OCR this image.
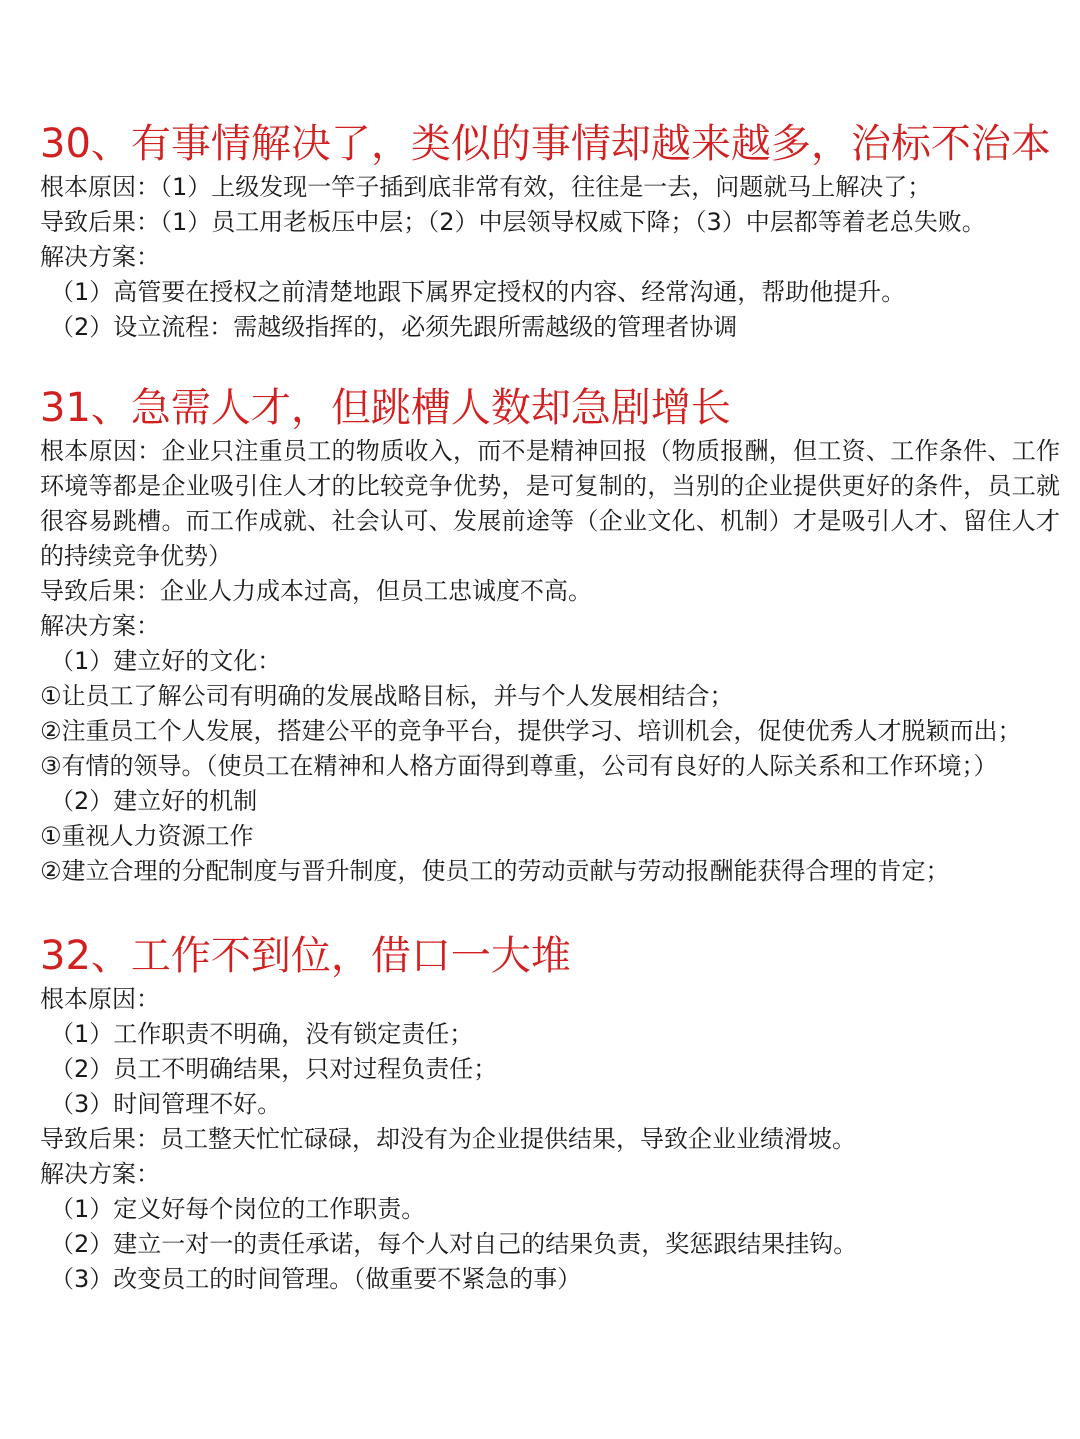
30、有事情解决了，类似的事情却越来越多，治标不治本

根本原因：（1）上级发现一竿子插到底非常有效，往往是一去，问题就马上解决了；

导致后果：（1）员工用老板压中层；（2）中层领导权威下降；（3）中层都等着老总失败。

解决方案：

（1）高管要在授权之前清楚地跟下属界定授权的内容、经常沟通，帮助他提升。

（2）设立流程：需越级指挥的，必须先跟所需越级的管理者协调

31、急需人才，但跳槽人数却急剧增长

根本原因：企业只注重员工的物质收入，而不是精神回报（物质报酬，但工资、工作条件、工作环境等都是企业吸引住人才的比较竞争优势，是可复制的，当别的企业提供更好的条件，员工就很容易跳槽。而工作成就、社会认可、发展前途等（企业文化、机制）才是吸引人才、留住人才的持续竞争优势）

导致后果：企业人力成本过高，但员工忠诚度不高。

解决方案：

（1）建立好的文化：

①让员工了解公司有明确的发展战略目标，并与个人发展相结合；

②注重员工个人发展，搭建公平的竞争平台，提供学习、培训机会，促使优秀人才脱颖而出；

③有情的领导。（使员工在精神和人格方面得到尊重，公司有良好的人际关系和工作环境；）

（2）建立好的机制

①重视人力资源工作

②建立合理的分配制度与晋升制度，使员工的劳动贡献与劳动报酬能获得合理的肯定；

32、工作不到位，借口一大堆

根本原因：

（1）工作职责不明确，没有锁定责任；

（2）员工不明确结果，只对过程负责任；

（3）时间管理不好。

导致后果：员工整天忙忙碌碌，却没有为企业提供结果，导致企业业绩滑坡。

解决方案：

（1）定义好每个岗位的工作职责。

（2）建立一对一的责任承诺，每个人对自己的结果负责，奖惩跟结果挂钩。

（3）改变员工的时间管理。（做重要不紧急的事）
